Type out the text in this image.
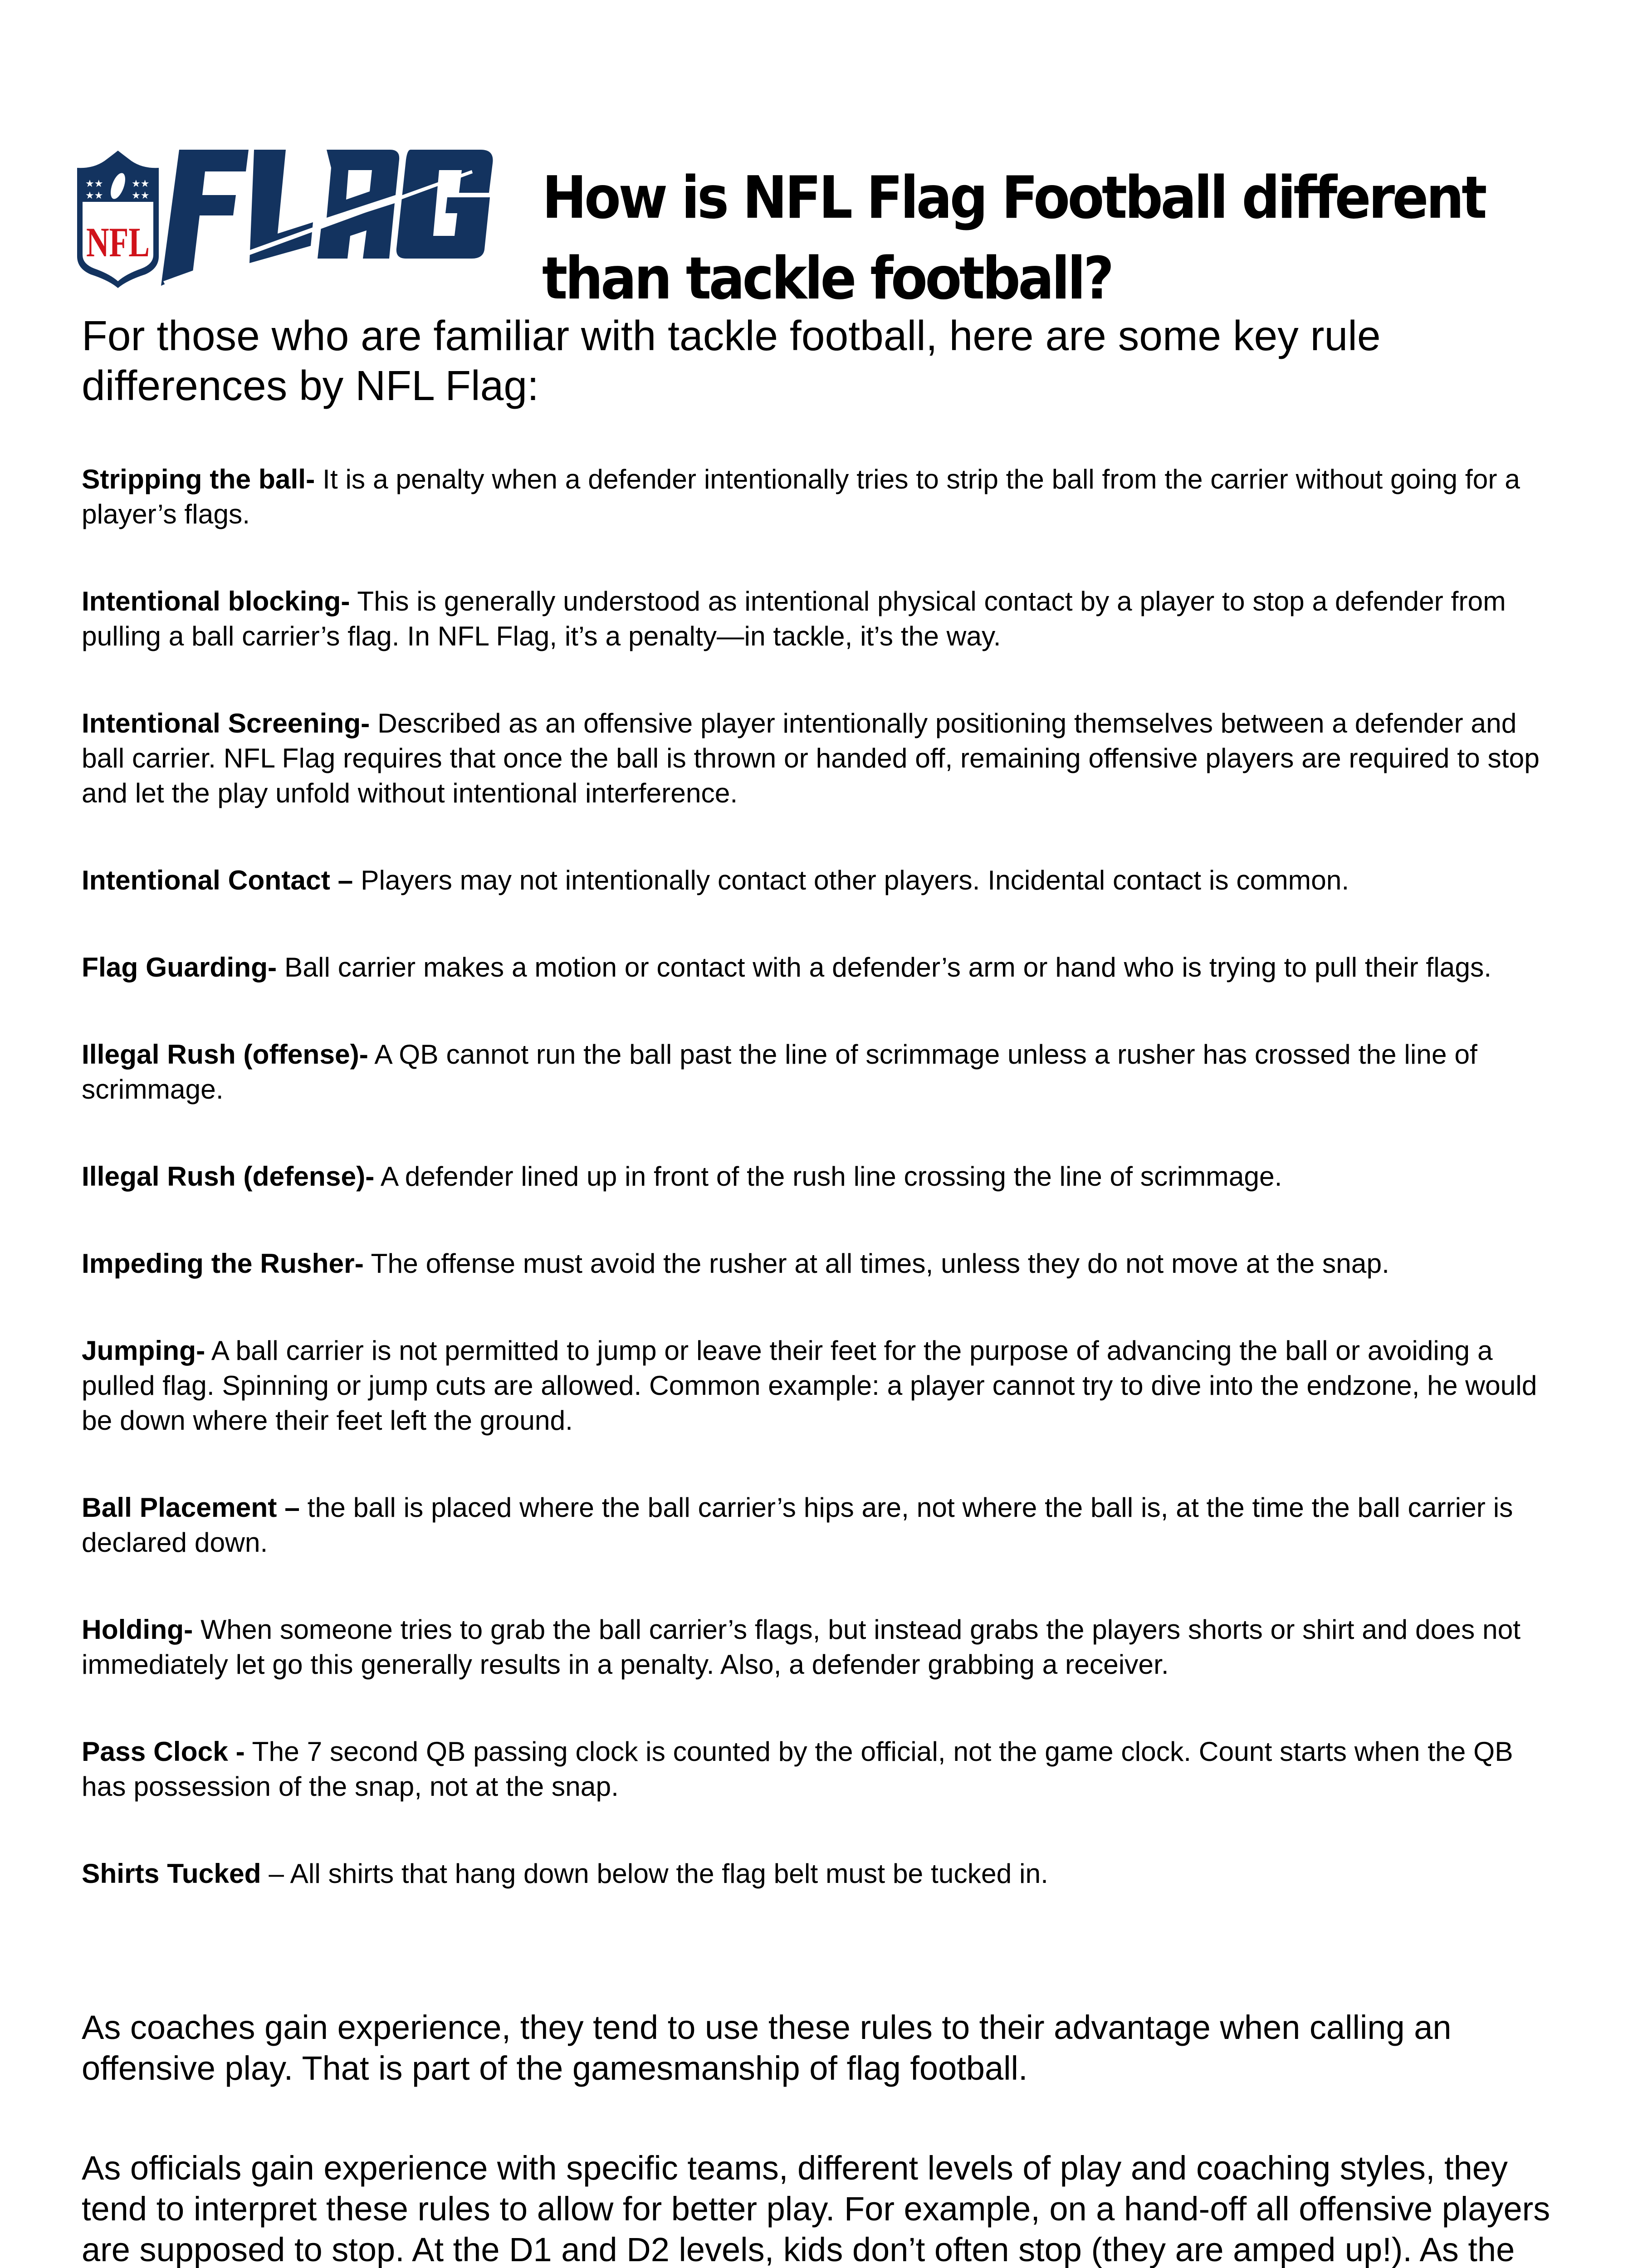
★★	★★
★★	★★
NFL
How is NFL Flag Football different
than tackle football?

For those who are familiar with tackle football, here are some key rule differences by NFL Flag:

Stripping the ball- It is a penalty when a defender intentionally tries to strip the ball from the carrier without going for a player’s flags.

Intentional blocking- This is generally understood as intentional physical contact by a player to stop a defender from pulling a ball carrier’s flag. In NFL Flag, it’s a penalty—in tackle, it’s the way.

Intentional Screening- Described as an offensive player intentionally positioning themselves between a defender and ball carrier. NFL Flag requires that once the ball is thrown or handed off, remaining offensive players are required to stop and let the play unfold without intentional interference.

Intentional Contact – Players may not intentionally contact other players. Incidental contact is common.

Flag Guarding- Ball carrier makes a motion or contact with a defender’s arm or hand who is trying to pull their flags.

Illegal Rush (offense)- A QB cannot run the ball past the line of scrimmage unless a rusher has crossed the line of scrimmage.

Illegal Rush (defense)- A defender lined up in front of the rush line crossing the line of scrimmage.

Impeding the Rusher- The offense must avoid the rusher at all times, unless they do not move at the snap.

Jumping- A ball carrier is not permitted to jump or leave their feet for the purpose of advancing the ball or avoiding a pulled flag. Spinning or jump cuts are allowed. Common example: a player cannot try to dive into the endzone, he would be down where their feet left the ground.

Ball Placement – the ball is placed where the ball carrier’s hips are, not where the ball is, at the time the ball carrier is declared down.

Holding- When someone tries to grab the ball carrier’s flags, but instead grabs the players shorts or shirt and does not immediately let go this generally results in a penalty. Also, a defender grabbing a receiver.

Pass Clock - The 7 second QB passing clock is counted by the official, not the game clock. Count starts when the QB has possession of the snap, not at the snap.

Shirts Tucked – All shirts that hang down below the flag belt must be tucked in.

As coaches gain experience, they tend to use these rules to their advantage when calling an offensive play. That is part of the gamesmanship of flag football.

As officials gain experience with specific teams, different levels of play and coaching styles, they tend to interpret these rules to allow for better play. For example, on a hand-off all offensive players are supposed to stop. At the D1 and D2 levels, kids don’t often stop (they are amped up!). As the
